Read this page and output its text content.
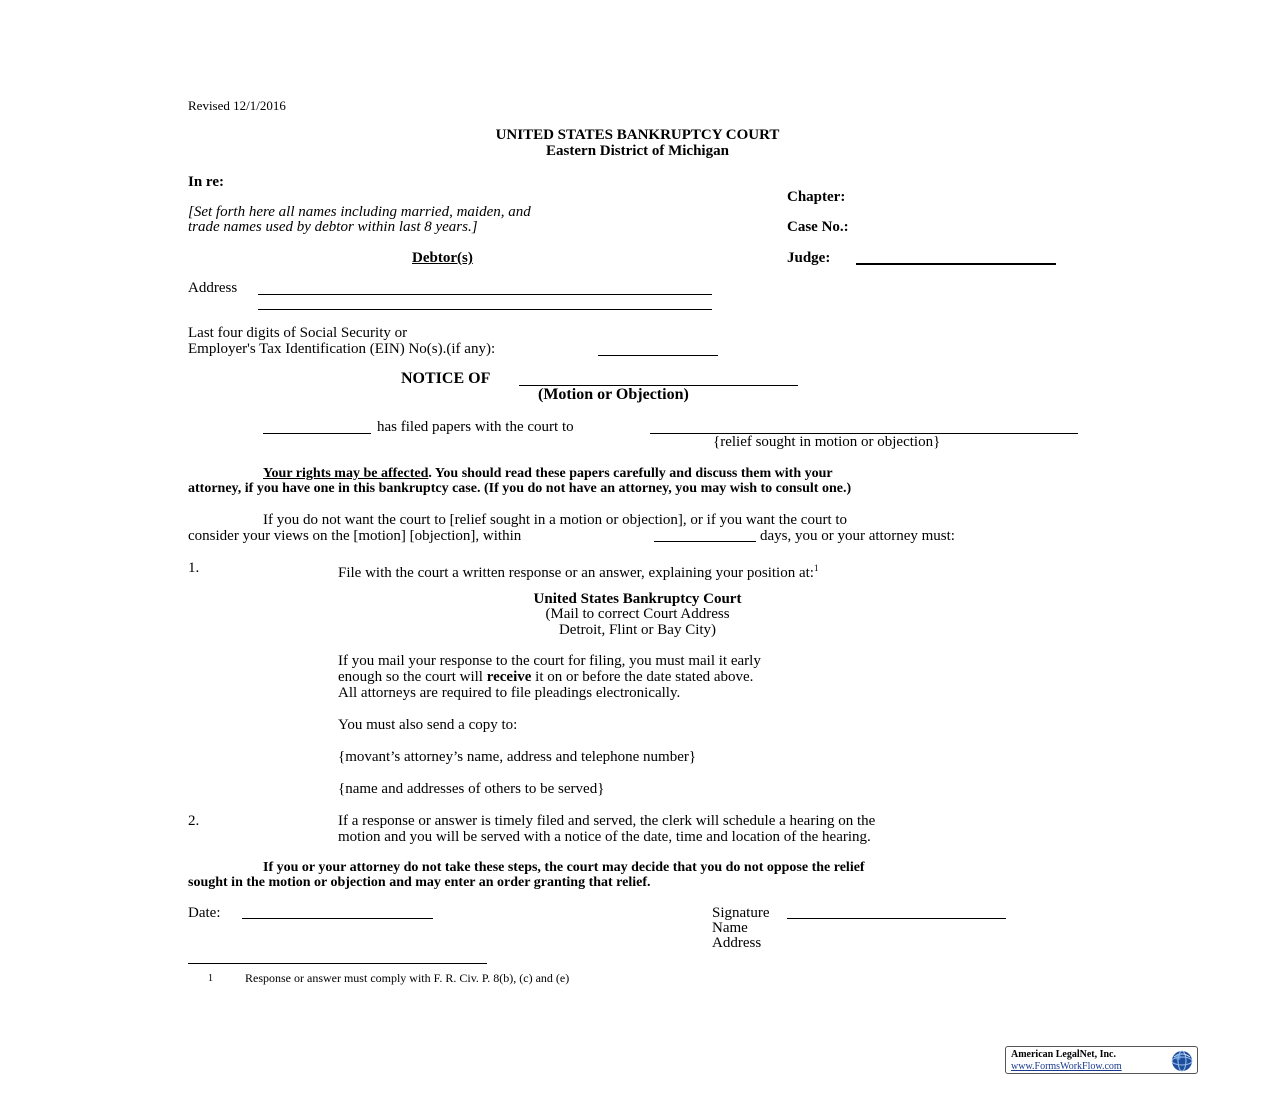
Revised 12/1/2016
UNITED STATES BANKRUPTCY COURT
Eastern District of Michigan
In re:
[Set forth here all names including married, maiden, and
trade names used by debtor within last 8 years.]
Debtor(s)
Chapter:
Case No.:
Judge:
Address
Last four digits of Social Security or
Employer's Tax Identification (EIN) No(s).(if any):
NOTICE OF
(Motion or Objection)
has filed papers with the court to
{relief sought in motion or objection}
Your rights may be affected. You should read these papers carefully and discuss them with your
attorney, if you have one in this bankruptcy case. (If you do not have an attorney, you may wish to consult one.)
If you do not want the court to [relief sought in a motion or objection], or if you want the court to
consider your views on the [motion] [objection], within	days, you or your attorney must:
1.	File with the court a written response or an answer, explaining your position at:$^1$
United States Bankruptcy Court
(Mail to correct Court Address
Detroit, Flint or Bay City)
If you mail your response to the court for filing, you must mail it early
enough so the court will receive it on or before the date stated above.
All attorneys are required to file pleadings electronically.
You must also send a copy to:
{movant’s attorney’s name, address and telephone number}
{name and addresses of others to be served}
2.	If a response or answer is timely filed and served, the clerk will schedule a hearing on the
motion and you will be served with a notice of the date, time and location of the hearing.
If you or your attorney do not take these steps, the court may decide that you do not oppose the relief
sought in the motion or objection and may enter an order granting that relief.
Date:	Signature
Name
Address
1	Response or answer must comply with F. R. Civ. P. 8(b), (c) and (e)
American LegalNet, Inc.
www.FormsWorkFlow.com
